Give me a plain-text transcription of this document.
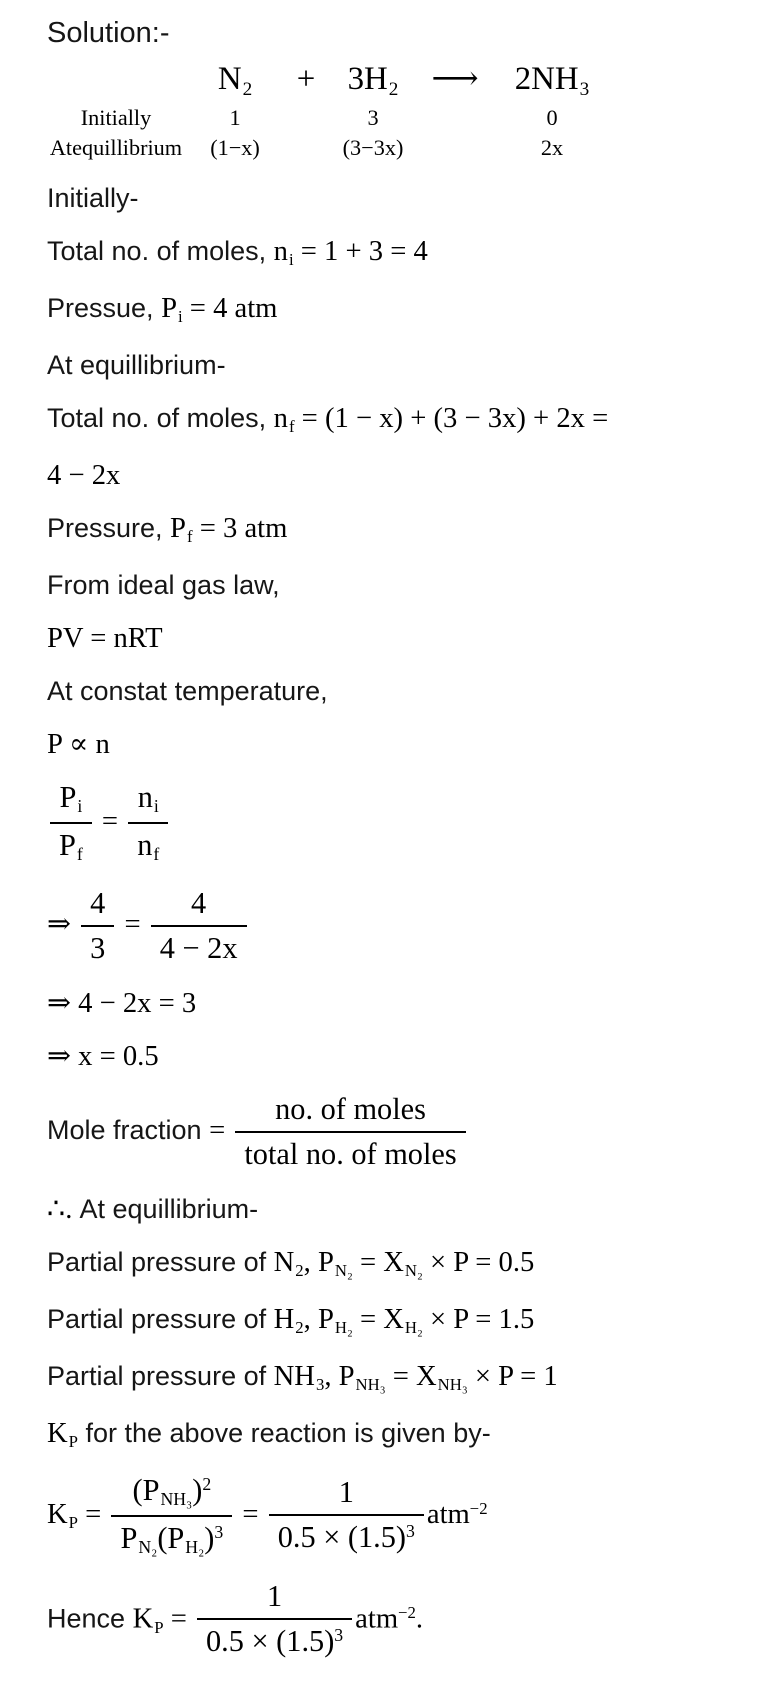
Solution:-
N2	+ 3H2	⟶	2NH3
Initially	1	3	0
Atequillibrium	(1−x)	(3−3x)	2x
Initially-
Total no. of moles, ni = 1 + 3 = 4
Pressue, Pi = 4 atm
At equillibrium-
Total no. of moles, nf = (1 − x) + (3 − 3x) + 2x =
4 − 2x
Pressure, Pf = 3 atm
From ideal gas law,
PV = nRT
At constat temperature,
P ∝ n
$\frac{Pi}{Pf} = \frac{ni}{nf}$
⇒ $\frac{4}{3} = \frac{4}{4 - 2x}$
⇒ 4 − 2x = 3
⇒ x = 0.5
Mole fraction = $\frac{\text{no. of moles}}{\text{total no. of moles}}$
∴. At equillibrium-
Partial pressure of N2, PN₂ = XN₂ × P = 0.5
Partial pressure of H2, PH₂ = XH₂ × P = 1.5
Partial pressure of NH3, PNH₃ = XNH₃ × P = 1
KP for the above reaction is given by-
KP = $\frac{(PNH_3)^2}{PN_2(PH_2)^3} = \frac{1}{0.5 \times (1.5)^3} atm^{-2}$
Hence KP = $\frac{1}{0.5 \times (1.5)^3} atm^{-2}$.
